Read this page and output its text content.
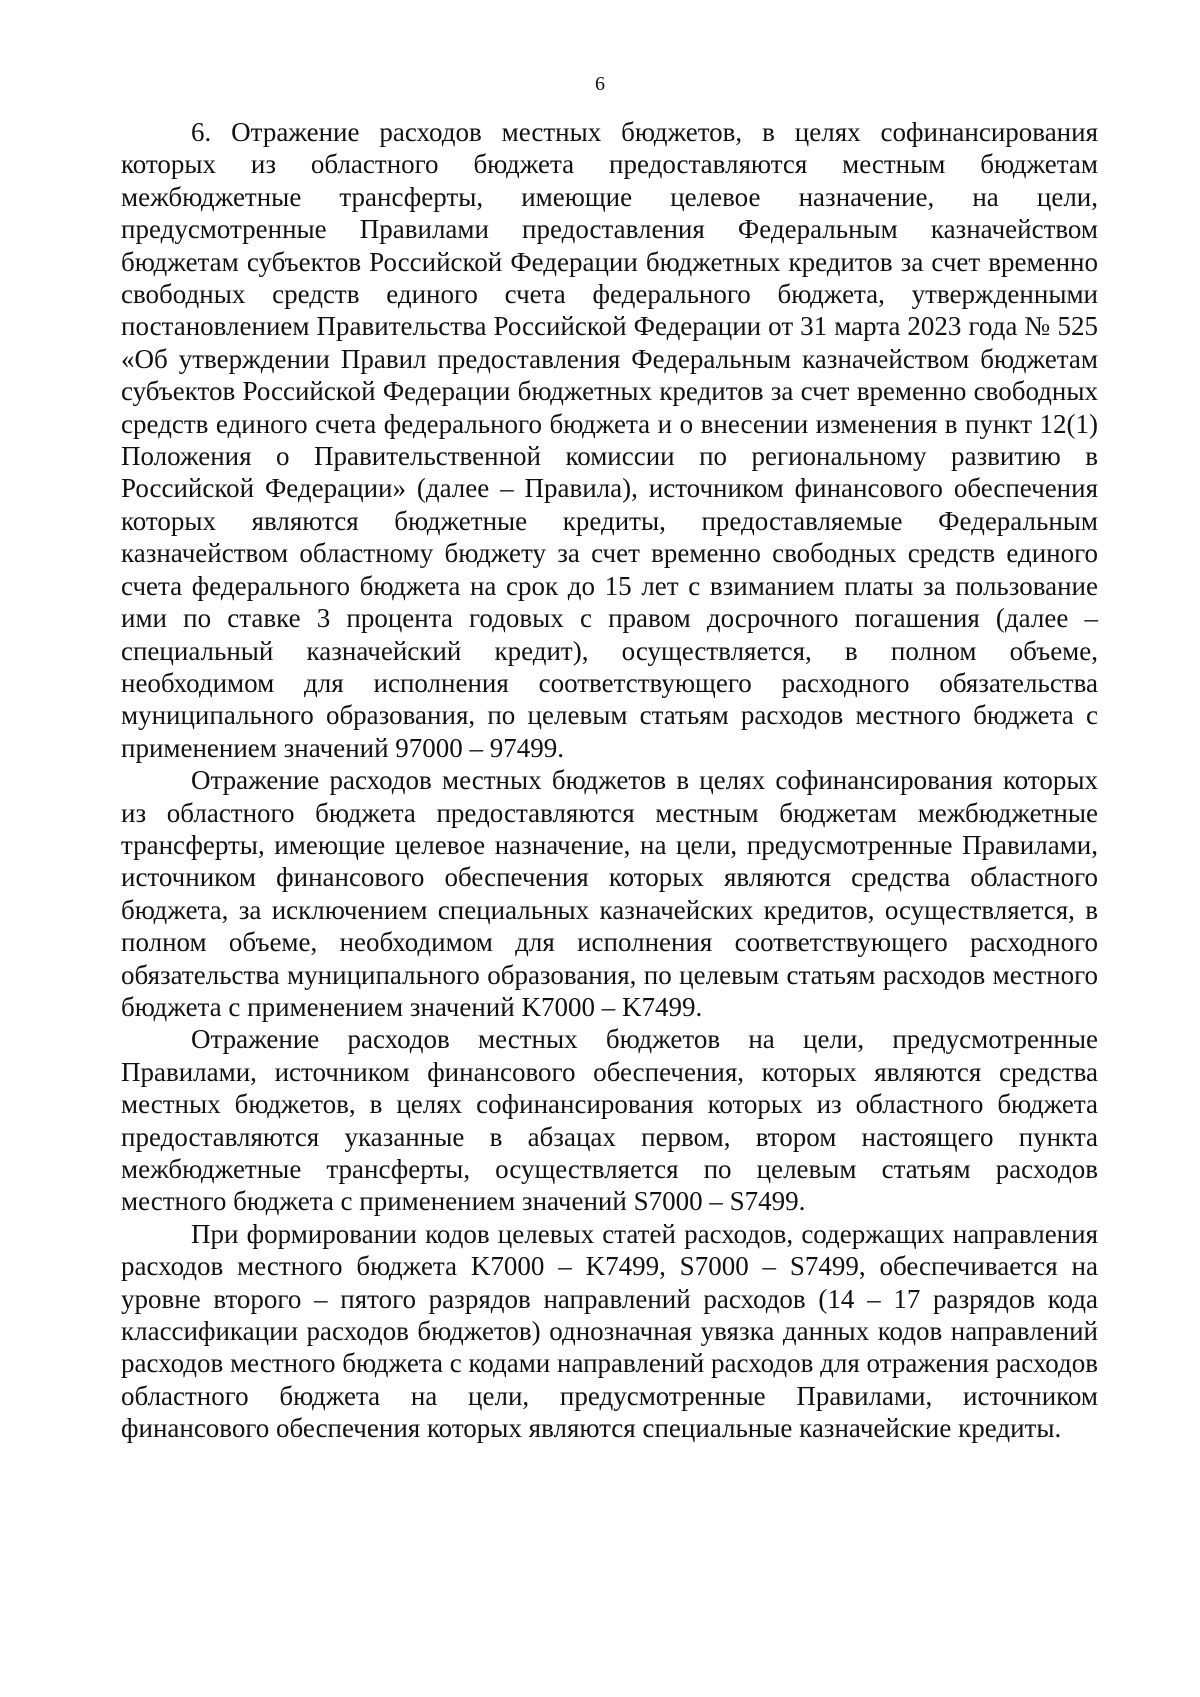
6

6. Отражение расходов местных бюджетов, в целях софинансирования которых из областного бюджета предоставляются местным бюджетам межбюджетные трансферты, имеющие целевое назначение, на цели, предусмотренные Правилами предоставления Федеральным казначейством бюджетам субъектов Российской Федерации бюджетных кредитов за счет временно свободных средств единого счета федерального бюджета, утвержденными постановлением Правительства Российской Федерации от 31 марта 2023 года № 525 «Об утверждении Правил предоставления Федеральным казначейством бюджетам субъектов Российской Федерации бюджетных кредитов за счет временно свободных средств единого счета федерального бюджета и о внесении изменения в пункт 12(1) Положения о Правительственной комиссии по региональному развитию в Российской Федерации» (далее – Правила), источником финансового обеспечения которых являются бюджетные кредиты, предоставляемые Федеральным казначейством областному бюджету за счет временно свободных средств единого счета федерального бюджета на срок до 15 лет с взиманием платы за пользование ими по ставке 3 процента годовых с правом досрочного погашения (далее – специальный казначейский кредит), осуществляется, в полном объеме, необходимом для исполнения соответствующего расходного обязательства муниципального образования, по целевым статьям расходов местного бюджета с применением значений 97000 – 97499.

Отражение расходов местных бюджетов в целях софинансирования которых из областного бюджета предоставляются местным бюджетам межбюджетные трансферты, имеющие целевое назначение, на цели, предусмотренные Правилами, источником финансового обеспечения которых являются средства областного бюджета, за исключением специальных казначейских кредитов, осуществляется, в полном объеме, необходимом для исполнения соответствующего расходного обязательства муниципального образования, по целевым статьям расходов местного бюджета с применением значений K7000 – K7499.

Отражение расходов местных бюджетов на цели, предусмотренные Правилами, источником финансового обеспечения, которых являются средства местных бюджетов, в целях софинансирования которых из областного бюджета предоставляются указанные в абзацах первом, втором настоящего пункта межбюджетные трансферты, осуществляется по целевым статьям расходов местного бюджета с применением значений S7000 – S7499.

При формировании кодов целевых статей расходов, содержащих направления расходов местного бюджета K7000 – K7499, S7000 – S7499, обеспечивается на уровне второго – пятого разрядов направлений расходов (14 – 17 разрядов кода классификации расходов бюджетов) однозначная увязка данных кодов направлений расходов местного бюджета с кодами направлений расходов для отражения расходов областного бюджета на цели, предусмотренные Правилами, источником финансового обеспечения которых являются специальные казначейские кредиты.
